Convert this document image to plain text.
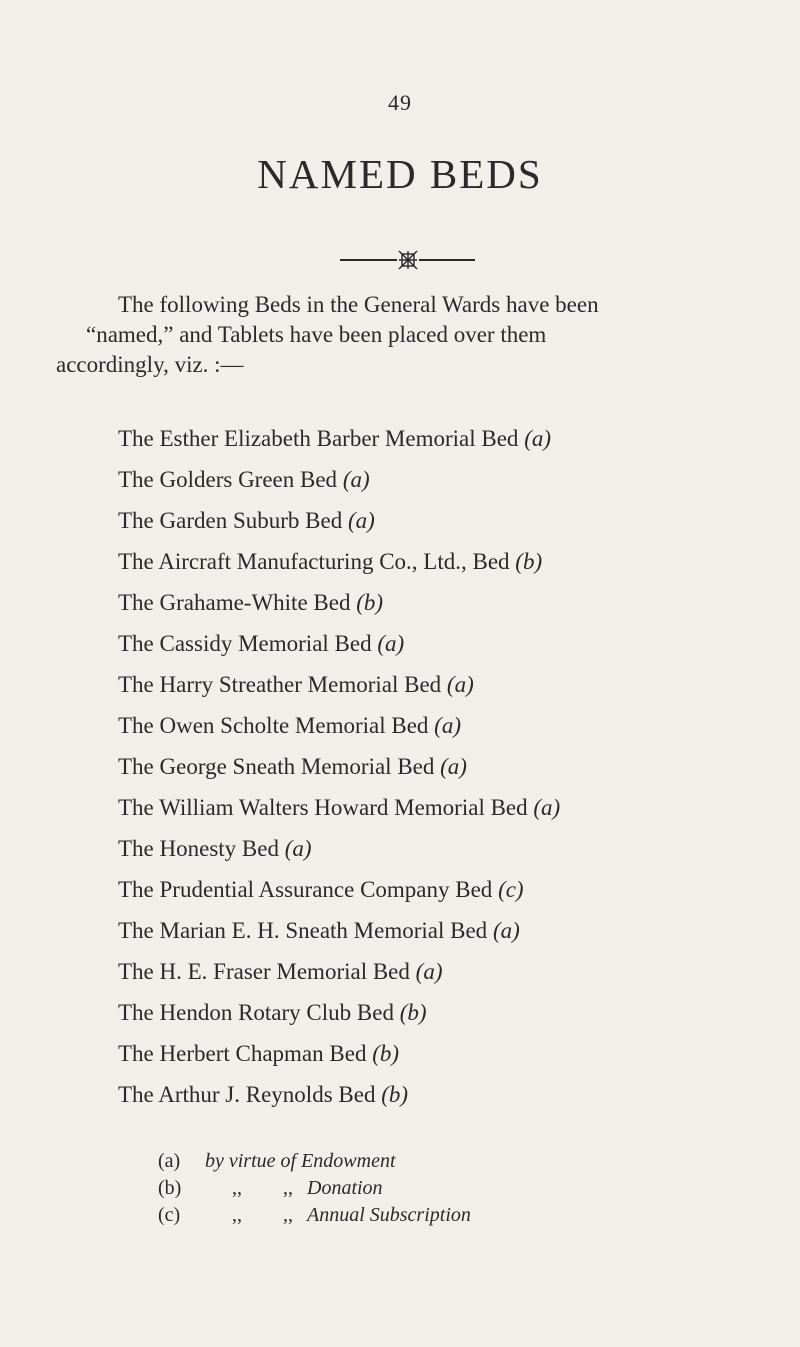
49
NAMED BEDS
The following Beds in the General Wards have been
“named,” and Tablets have been placed over them
accordingly, viz. :—
The Esther Elizabeth Barber Memorial Bed (a)
The Golders Green Bed (a)
The Garden Suburb Bed (a)
The Aircraft Manufacturing Co., Ltd., Bed (b)
The Grahame-White Bed (b)
The Cassidy Memorial Bed (a)
The Harry Streather Memorial Bed (a)
The Owen Scholte Memorial Bed (a)
The George Sneath Memorial Bed (a)
The William Walters Howard Memorial Bed (a)
The Honesty Bed (a)
The Prudential Assurance Company Bed (c)
The Marian E. H. Sneath Memorial Bed (a)
The H. E. Fraser Memorial Bed (a)
The Hendon Rotary Club Bed (b)
The Herbert Chapman Bed (b)
The Arthur J. Reynolds Bed (b)
(a) by virtue of Endowment
(b)	,, ,, Donation
(c)	,, ,, Annual Subscription
